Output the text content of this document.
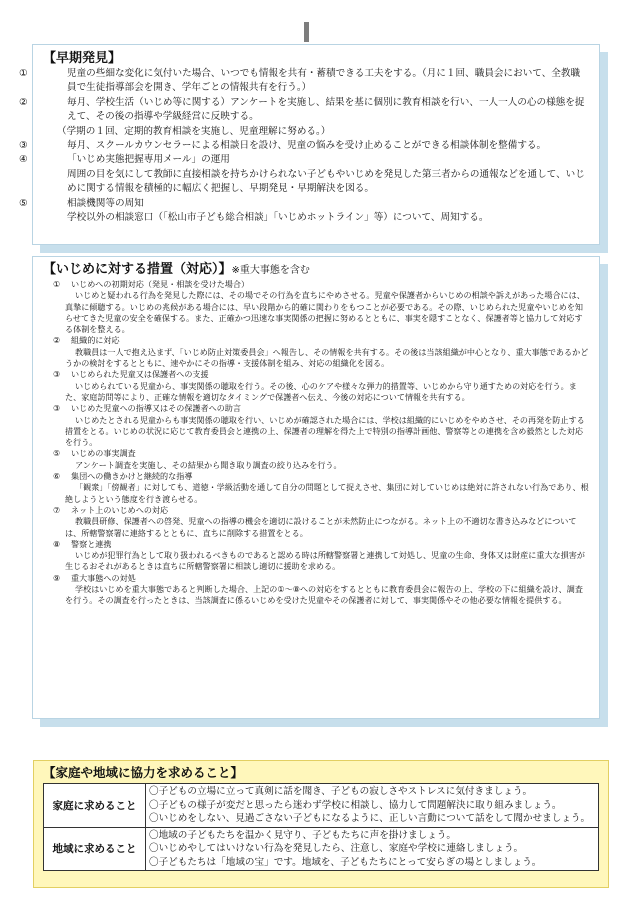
【早期発見】

①	児童の些細な変化に気付いた場合、いつでも情報を共有・蓄積できる工夫をする。（月に１回、職員会において、全教職員で生徒指導部会を開き、学年ごとの情報共有を行う。）

②	毎月、学校生活（いじめ等に関する）アンケートを実施し、結果を基に個別に教育相談を行い、一人一人の心の様態を捉えて、その後の指導や学級経営に反映する。

（学期の１回、定期的教育相談を実施し、児童理解に努める。）

③	毎月、スクールカウンセラーによる相談日を設け、児童の悩みを受け止めることができる相談体制を整備する。

④	「いじめ実態把握専用メール」の運用

周囲の目を気にして教師に直接相談を持ちかけられない子どもやいじめを発見した第三者からの通報などを通して、いじめに関する情報を積極的に幅広く把握し、早期発見・早期解決を図る。

⑤	相談機関等の周知

学校以外の相談窓口（「松山市子ども総合相談」「いじめホットライン」等）について、周知する。

【いじめに対する措置（対応）】※重大事態を含む

① いじめへの初期対応（発見・相談を受けた場合）

いじめと疑われる行為を発見した際には、その場でその行為を直ちにやめさせる。児童や保護者からいじめの相談や訴えがあった場合には、真摯に傾聴する。いじめの兆候がある場合には、早い段階から的確に関わりをもつことが必要である。その際、いじめられた児童やいじめを知らせてきた児童の安全を確保する。また、正確かつ迅速な事実関係の把握に努めるとともに、事実を隠すことなく、保護者等と協力して対応する体制を整える。

② 組織的に対応

教職員は一人で抱え込まず、「いじめ防止対策委員会」へ報告し、その情報を共有する。その後は当該組織が中心となり、重大事態であるかどうかの検討をするとともに、速やかにその指導・支援体制を組み、対応の組織化を図る。

③ いじめられた児童又は保護者への支援

いじめられている児童から、事実関係の聴取を行う。その後、心のケアや様々な弾力的措置等、いじめから守り通すための対応を行う。また、家庭訪問等により、正確な情報を適切なタイミングで保護者へ伝え、今後の対応について情報を共有する。

③ いじめた児童への指導又はその保護者への助言

いじめたとされる児童からも事実関係の聴取を行い、いじめが確認された場合には、学校は組織的にいじめをやめさせ、その再発を防止する措置をとる。いじめの状況に応じて教育委員会と連携の上、保護者の理解を得た上で特別の指導計画他、警察等との連携を含め毅然とした対応を行う。

⑤ いじめの事実調査

アンケート調査を実施し、その結果から聞き取り調査の絞り込みを行う。

⑥ 集団への働きかけと継続的な指導

「観衆」「傍観者」に対しても、道徳・学級活動を通して自分の問題として捉えさせ、集団に対していじめは絶対に許されない行為であり、根絶しようという態度を行き渡らせる。

⑦ ネット上のいじめへの対応

教職員研修、保護者への啓発、児童への指導の機会を適切に設けることが未然防止につながる。ネット上の不適切な書き込みなどについては、所轄警察署に連絡するとともに、直ちに削除する措置をとる。

⑧ 警察と連携

いじめが犯罪行為として取り扱われるべきものであると認める時は所轄警察署と連携して対処し、児童の生命、身体又は財産に重大な損害が生じるおそれがあるときは直ちに所轄警察署に相談し適切に援助を求める。

⑨ 重大事態への対処

学校はいじめを重大事態であると判断した場合、上記の①～⑧への対応をするとともに教育委員会に報告の上、学校の下に組織を設け、調査を行う。その調査を行ったときは、当該調査に係るいじめを受けた児童やその保護者に対して、事実関係やその他必要な情報を提供する。

【家庭や地域に協力を求めること】
家庭に求めること	〇子どもの立場に立って真剣に話を聞き、子どもの寂しさやストレスに気付きましょう。
〇子どもの様子が変だと思ったら迷わず学校に相談し、協力して問題解決に取り組みましょう。
〇いじめをしない、見過ごさない子どもになるように、正しい言動について話をして聞かせましょう。

地域に求めること	〇地域の子どもたちを温かく見守り、子どもたちに声を掛けましょう。
〇いじめやしてはいけない行為を発見したら、注意し、家庭や学校に連絡しましょう。
〇子どもたちは「地域の宝」です。地域を、子どもたちにとって安らぎの場としましょう。
